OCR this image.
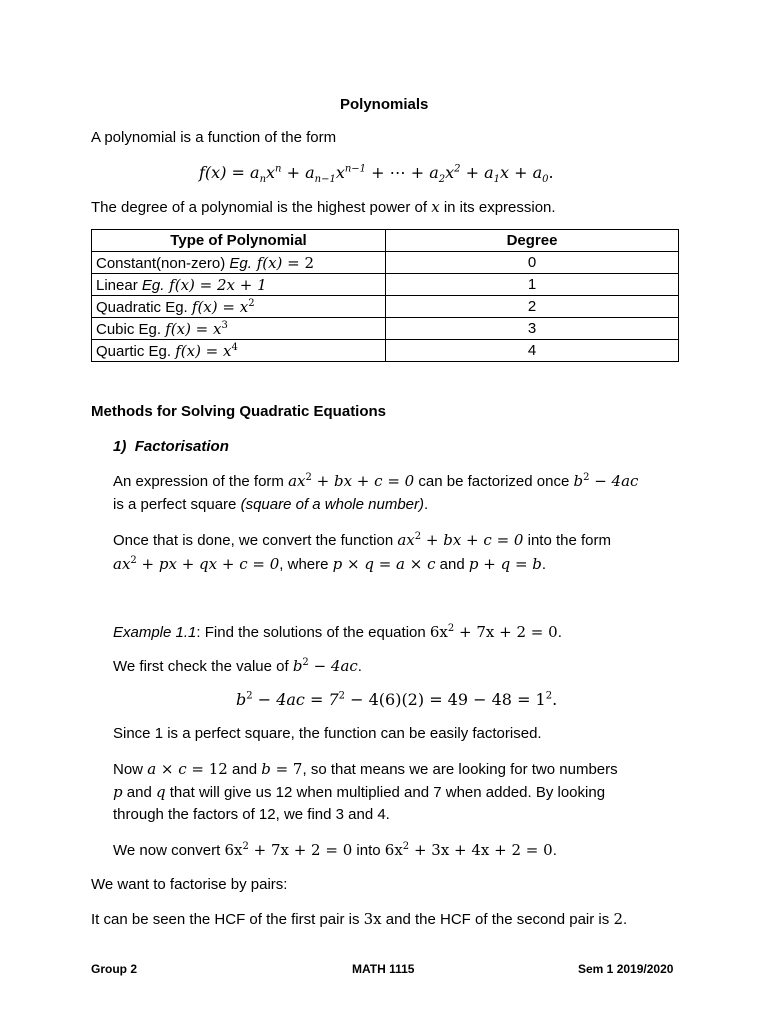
Polynomials
A polynomial is a function of the form
$f(x) = a_nx^n + a_{n-1}x^{n-1}$ + ⋯ + $a_2x^2 + a_1x + a_0$.
The degree of a polynomial is the highest power of x in its expression.
Type of Polynomial	Degree
Constant(non-zero) Eg. f(x) = 2	0
Linear Eg. f(x) = 2x + 1	1
Quadratic Eg. $f(x) = x^2$	2
Cubic Eg. $f(x) = x^3$	3
Quartic Eg. $f(x) = x^4$	4
Methods for Solving Quadratic Equations
1) Factorisation
An expression of the form $ax^2$ + bx + c = 0 can be factorized once $b^2 - 4ac$
is a perfect square (square of a whole number).
Once that is done, we convert the function $ax^2$ + bx + c = 0 into the form
$ax^2$ + px + qx + c = 0, where p × q = a × c and p + q = b.
Example 1.1: Find the solutions of the equation $6x^2 + 7x + 2 = 0$.
We first check the value of $b^2 - 4ac$.
$b^2 - 4ac = 7^2 - 4(6)(2) = 49 - 48 = 1^2$.
Since 1 is a perfect square, the function can be easily factorised.
Now a × c = 12 and b = 7, so that means we are looking for two numbers
p and q that will give us 12 when multiplied and 7 when added. By looking
through the factors of 12, we find 3 and 4.
We now convert $6x^2 + 7x + 2 = 0$ into $6x^2 + 3x + 4x + 2 = 0$.
We want to factorise by pairs:
It can be seen the HCF of the first pair is 3x and the HCF of the second pair is 2.
Group 2	MATH 1115	Sem 1 2019/2020
